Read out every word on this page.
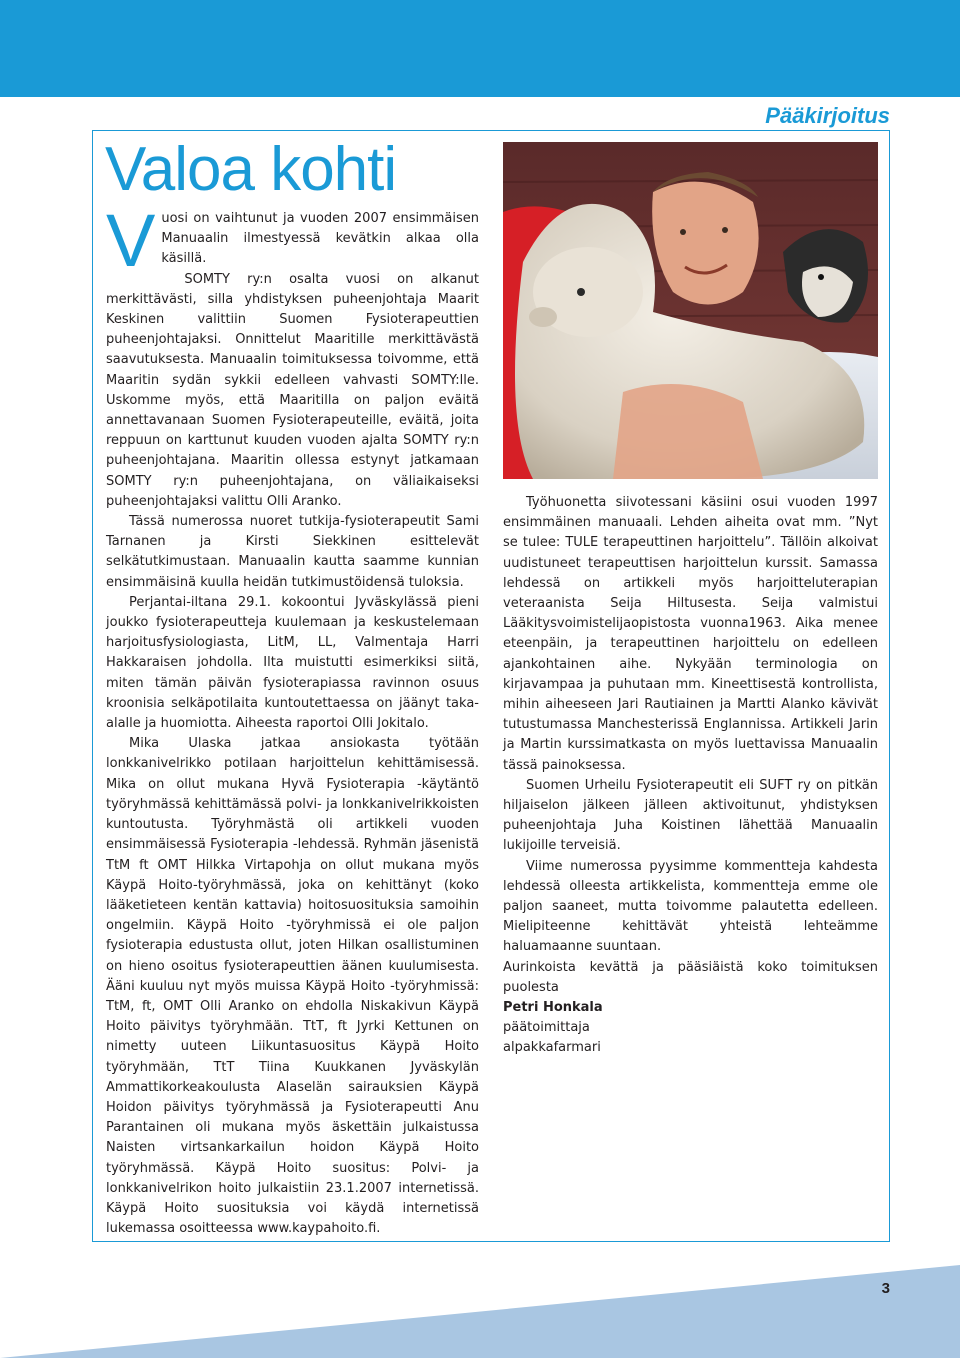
Pääkirjoitus
Valoa kohti

Vuosi on vaihtunut ja vuoden 2007 ensimmäisen Manuaalin ilmestyessä kevätkin alkaa olla käsillä.

SOMTY ry:n osalta vuosi on alkanut merkittävästi, silla yhdistyksen puheenjohtaja Maarit Keskinen valittiin Suomen Fysioterapeuttien puheenjohtajaksi. Onnittelut Maaritille merkittävästä saavutuksesta. Manuaalin toimituksessa toivomme, että Maaritin sydän sykkii edelleen vahvasti SOMTY:lle. Uskomme myös, että Maaritilla on paljon eväitä annettavanaan Suomen Fysioterapeuteille, eväitä, joita reppuun on karttunut kuuden vuoden ajalta SOMTY ry:n puheenjohtajana. Maaritin ollessa estynyt jatkamaan SOMTY ry:n puheenjohtajana, on väliaikaiseksi puheenjohtajaksi valittu Olli Aranko.

Tässä numerossa nuoret tutkija-fysioterapeutit Sami Tarnanen ja Kirsti Siekkinen esittelevät selkätutkimustaan. Manuaalin kautta saamme kunnian ensimmäisinä kuulla heidän tutkimustöidensä tuloksia.

Perjantai-iltana 29.1. kokoontui Jyväskylässä pieni joukko fysioterapeutteja kuulemaan ja keskustelemaan harjoitusfysiologiasta, LitM, LL, Valmentaja Harri Hakkaraisen johdolla. Ilta muistutti esimerkiksi siitä, miten tämän päivän fysioterapiassa ravinnon osuus kroonisia selkäpotilaita kuntoutettaessa on jäänyt taka-alalle ja huomiotta. Aiheesta raportoi Olli Jokitalo.

Mika Ulaska jatkaa ansiokasta työtään lonkkanivelrikko potilaan harjoittelun kehittämisessä. Mika on ollut mukana Hyvä Fysioterapia -käytäntö työryhmässä kehittämässä polvi- ja lonkkanivelrikkoisten kuntoutusta. Työryhmästä oli artikkeli vuoden ensimmäisessä Fysioterapia -lehdessä. Ryhmän jäsenistä TtM ft OMT Hilkka Virtapohja on ollut mukana myös Käypä Hoito-työryhmässä, joka on kehittänyt (koko lääketieteen kentän kattavia) hoitosuosituksia samoihin ongelmiin. Käypä Hoito -työryhmissä ei ole paljon fysioterapia edustusta ollut, joten Hilkan osallistuminen on hieno osoitus fysioterapeuttien äänen kuulumisesta. Ääni kuuluu nyt myös muissa Käypä Hoito -työryhmissä: TtM, ft, OMT Olli Aranko on ehdolla Niskakivun Käypä Hoito päivitys työryhmään. TtT, ft Jyrki Kettunen on nimetty uuteen Liikuntasuositus Käypä Hoito työryhmään, TtT Tiina Kuukkanen Jyväskylän Ammattikorkeakoulusta Alaselän sairauksien Käypä Hoidon päivitys työryhmässä ja Fysioterapeutti Anu Parantainen oli mukana myös äskettäin julkaistussa Naisten virtsankarkailun hoidon Käypä Hoito työryhmässä. Käypä Hoito suositus: Polvi- ja lonkkanivelrikon hoito julkaistiin 23.1.2007 internetissä. Käypä Hoito suosituksia voi käydä internetissä lukemassa osoitteessa www.kaypahoito.fi.

Työhuonetta siivotessani käsiini osui vuoden 1997 ensimmäinen manuaali. Lehden aiheita ovat mm. ”Nyt se tulee: TULE terapeuttinen harjoittelu”. Tällöin alkoivat uudistuneet terapeuttisen harjoittelun kurssit. Samassa lehdessä on artikkeli myös harjoitteluterapian veteraanista Seija Hiltusesta. Seija valmistui Lääkitysvoimistelijaopistosta vuonna1963. Aika menee eteenpäin, ja terapeuttinen harjoittelu on edelleen ajankohtainen aihe. Nykyään terminologia on kirjavampaa ja puhutaan mm. Kineettisestä kontrollista, mihin aiheeseen Jari Rautiainen ja Martti Alanko kävivät tutustumassa Manchesterissä Englannissa. Artikkeli Jarin ja Martin kurssimatkasta on myös luettavissa Manuaalin tässä painoksessa.

Suomen Urheilu Fysioterapeutit eli SUFT ry on pitkän hiljaiselon jälkeen jälleen aktivoitunut, yhdistyksen puheenjohtaja Juha Koistinen lähettää Manuaalin lukijoille terveisiä.

Viime numerossa pyysimme kommentteja kahdesta lehdessä olleesta artikkelista, kommentteja emme ole paljon saaneet, mutta toivomme palautetta edelleen. Mielipiteenne kehittävät yhteistä lehteämme haluamaanne suuntaan.

Aurinkoista kevättä ja pääsiäistä koko toimituksen puolesta

Petri Honkala

päätoimittaja

alpakkafarmari

3
